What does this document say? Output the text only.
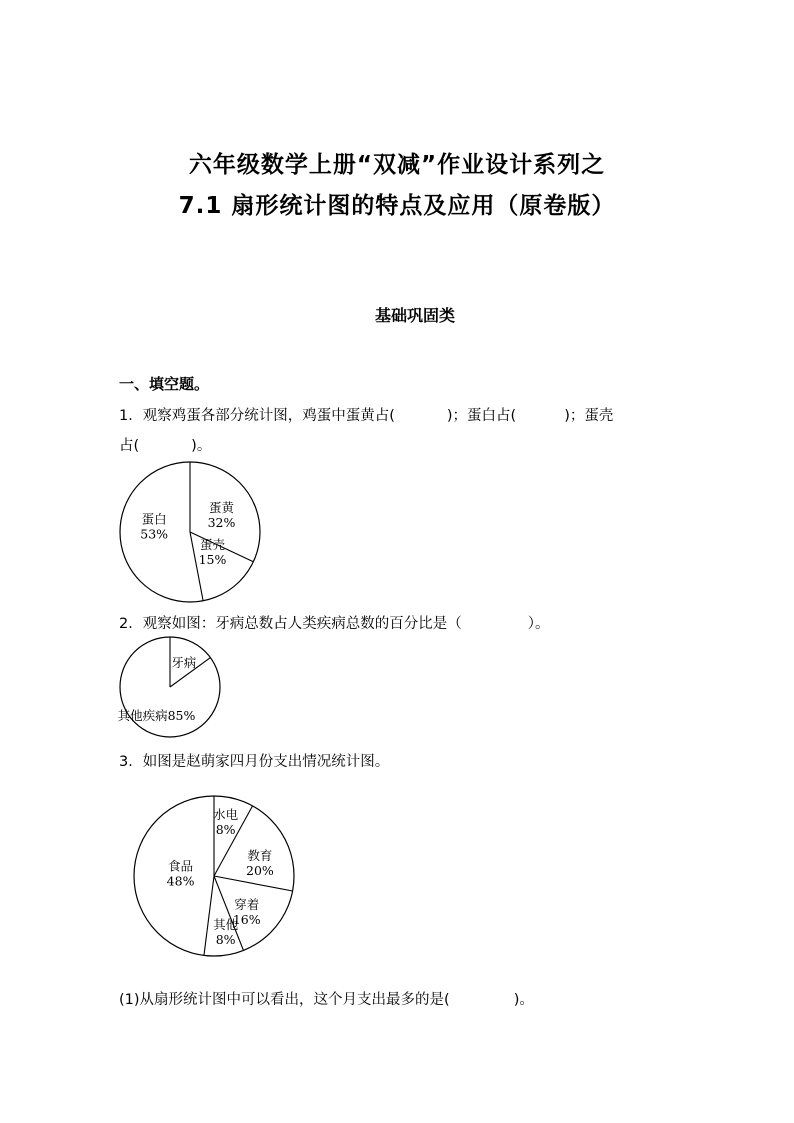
六年级数学上册“双减”作业设计系列之
7.1 扇形统计图的特点及应用（原卷版）
基础巩固类
一、填空题。
1．观察鸡蛋各部分统计图，鸡蛋中蛋黄占(	)；蛋白占(	)；蛋壳
占(	)。
蛋黄
32%
蛋壳
15%
蛋白
53%
2．观察如图：牙病总数占人类疾病总数的百分比是（	）。
牙病
其他疾病85%
3．如图是赵萌家四月份支出情况统计图。
水电
8%
教育
20%
穿着
16%
其他
8%
食品
48%
(1)从扇形统计图中可以看出，这个月支出最多的是(	)。
